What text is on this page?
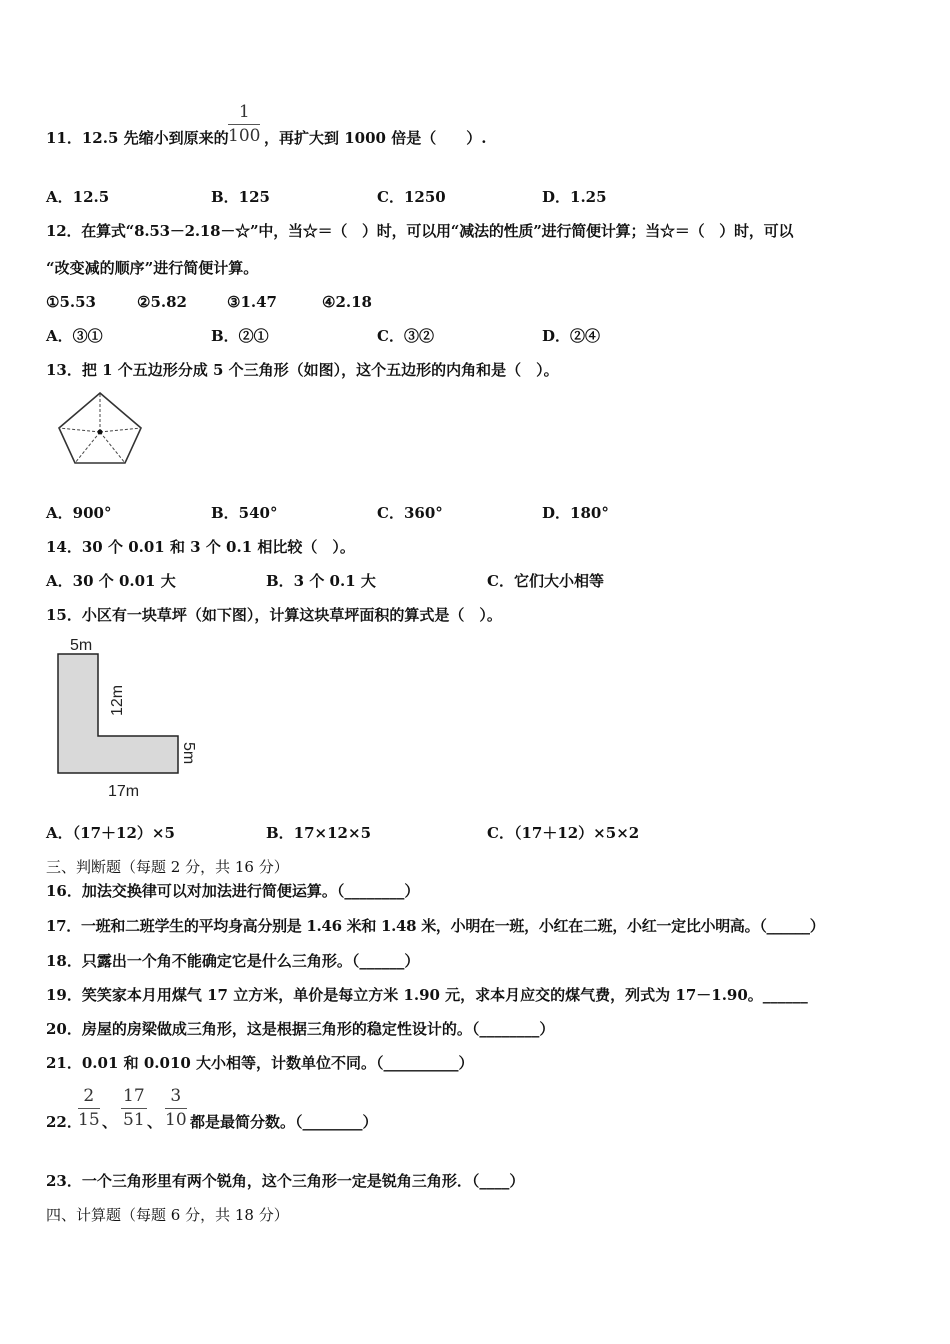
11．12.5 先缩小到原来的 $\frac{1}{100}$ ，再扩大到 1000 倍是（　　）.
A．12.5	B．125	C．1250	D．1.25
12．在算式“8.53－2.18－☆”中，当☆＝（　）时，可以用“减法的性质”进行简便计算；当☆＝（　）时，可以
“改变减的顺序”进行简便计算。
①5.53	②5.82	③1.47	④2.18
A．③①	B．②①	C．③②	D．②④
13．把 1 个五边形分成 5 个三角形（如图），这个五边形的内角和是（　）。
A．900°	B．540°	C．360°	D．180°
14．30 个 0.01 和 3 个 0.1 相比较（　）。
A．30 个 0.01 大	B．3 个 0.1 大	C．它们大小相等
15．小区有一块草坪（如下图），计算这块草坪面积的算式是（　）。
5m
12m
5m
17m
A．（17＋12）×5	B．17×12×5	C．（17＋12）×5×2
三、判断题（每题 2 分，共 16 分）
16．加法交换律可以对加法进行简便运算。（________）
17．一班和二班学生的平均身高分别是 1.46 米和 1.48 米，小明在一班，小红在二班，小红一定比小明高。（______）
18．只露出一个角不能确定它是什么三角形。（______）
19．笑笑家本月用煤气 17 立方米，单价是每立方米 1.90 元，求本月应交的煤气费，列式为 17－1.90。______
20．房屋的房梁做成三角形，这是根据三角形的稳定性设计的。（________）
21．0.01 和 0.010 大小相等，计数单位不同。（__________）
22．
$\frac{2}{15}$ 、 $\frac{17}{51}$ 、 $\frac{3}{10}$ 都是最简分数。（________）
23．一个三角形里有两个锐角，这个三角形一定是锐角三角形．（____）
四、计算题（每题 6 分，共 18 分）
